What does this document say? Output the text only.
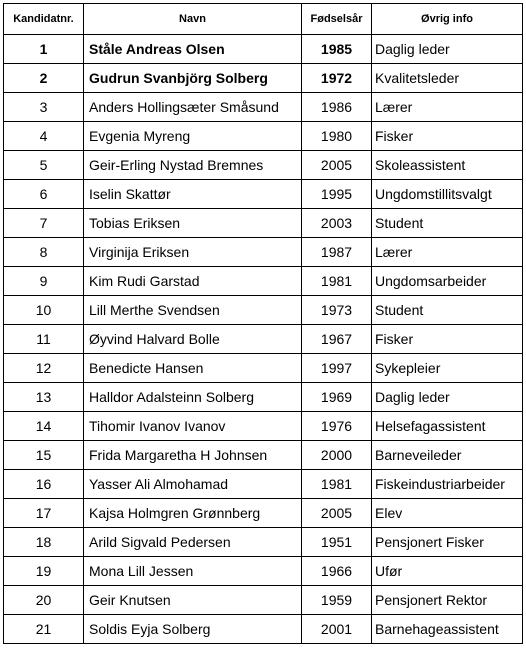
Kandidatnr.	Navn	Fødselsår	Øvrig info
1	Ståle Andreas Olsen	1985	Daglig leder
2	Gudrun Svanbjörg Solberg	1972	Kvalitetsleder
3	Anders Hollingsæter Småsund	1986	Lærer
4	Evgenia Myreng	1980	Fisker
5	Geir-Erling Nystad Bremnes	2005	Skoleassistent
6	Iselin Skattør	1995	Ungdomstillitsvalgt
7	Tobias Eriksen	2003	Student
8	Virginija Eriksen	1987	Lærer
9	Kim Rudi Garstad	1981	Ungdomsarbeider
10	Lill Merthe Svendsen	1973	Student
11	Øyvind Halvard Bolle	1967	Fisker
12	Benedicte Hansen	1997	Sykepleier
13	Halldor Adalsteinn Solberg	1969	Daglig leder
14	Tihomir Ivanov Ivanov	1976	Helsefagassistent
15	Frida Margaretha H Johnsen	2000	Barneveileder
16	Yasser Ali Almohamad	1981	Fiskeindustriarbeider
17	Kajsa Holmgren Grønnberg	2005	Elev
18	Arild Sigvald Pedersen	1951	Pensjonert Fisker
19	Mona Lill Jessen	1966	Ufør
20	Geir Knutsen	1959	Pensjonert Rektor
21	Soldis Eyja Solberg	2001	Barnehageassistent
